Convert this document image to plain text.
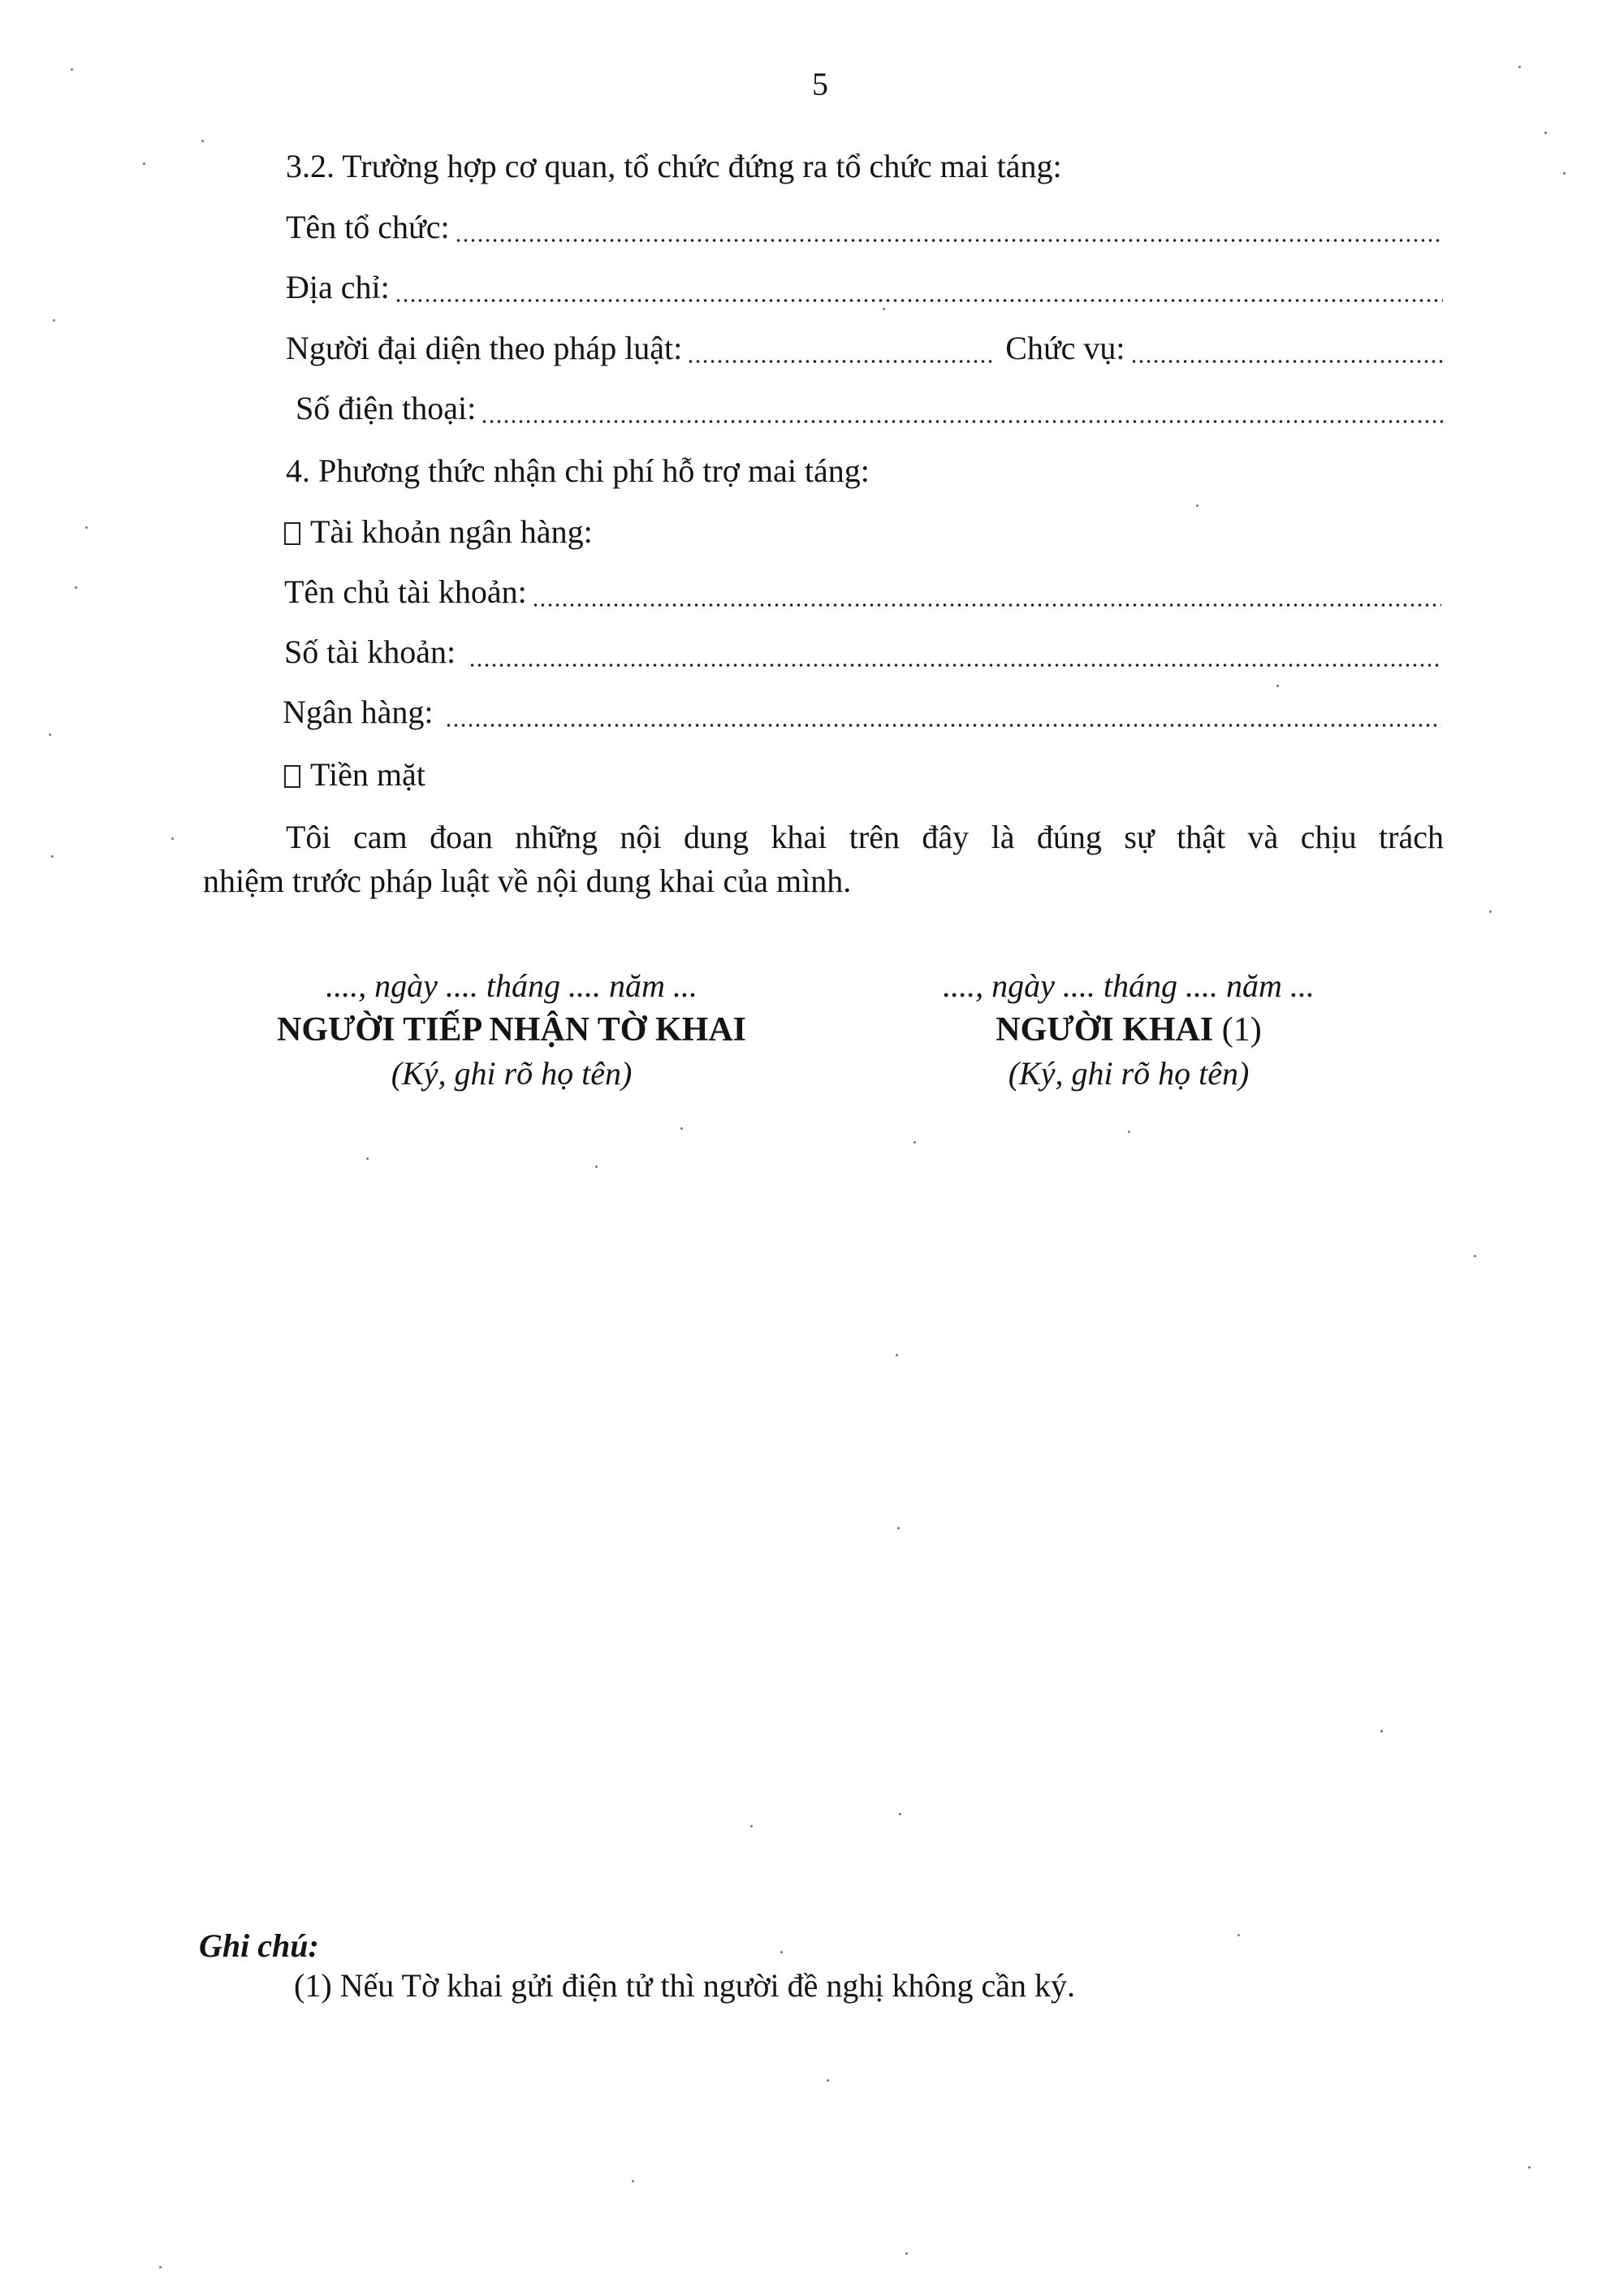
5
3.2. Trường hợp cơ quan, tổ chức đứng ra tổ chức mai táng:
Tên tổ chức:
Địa chỉ:
Người đại diện theo pháp luật:	Chức vụ:
Số điện thoại:
4. Phương thức nhận chi phí hỗ trợ mai táng:
Tài khoản ngân hàng:
Tên chủ tài khoản:
Số tài khoản:
Ngân hàng:
Tiền mặt
Tôi cam đoan những nội dung khai trên đây là đúng sự thật và chịu trách
nhiệm trước pháp luật về nội dung khai của mình.
...., ngày .... tháng .... năm ...
NGƯỜI TIẾP NHẬN TỜ KHAI
(Ký, ghi rõ họ tên)
...., ngày .... tháng .... năm ...
NGƯỜI KHAI (1)
(Ký, ghi rõ họ tên)
Ghi chú:
(1) Nếu Tờ khai gửi điện tử thì người đề nghị không cần ký.
